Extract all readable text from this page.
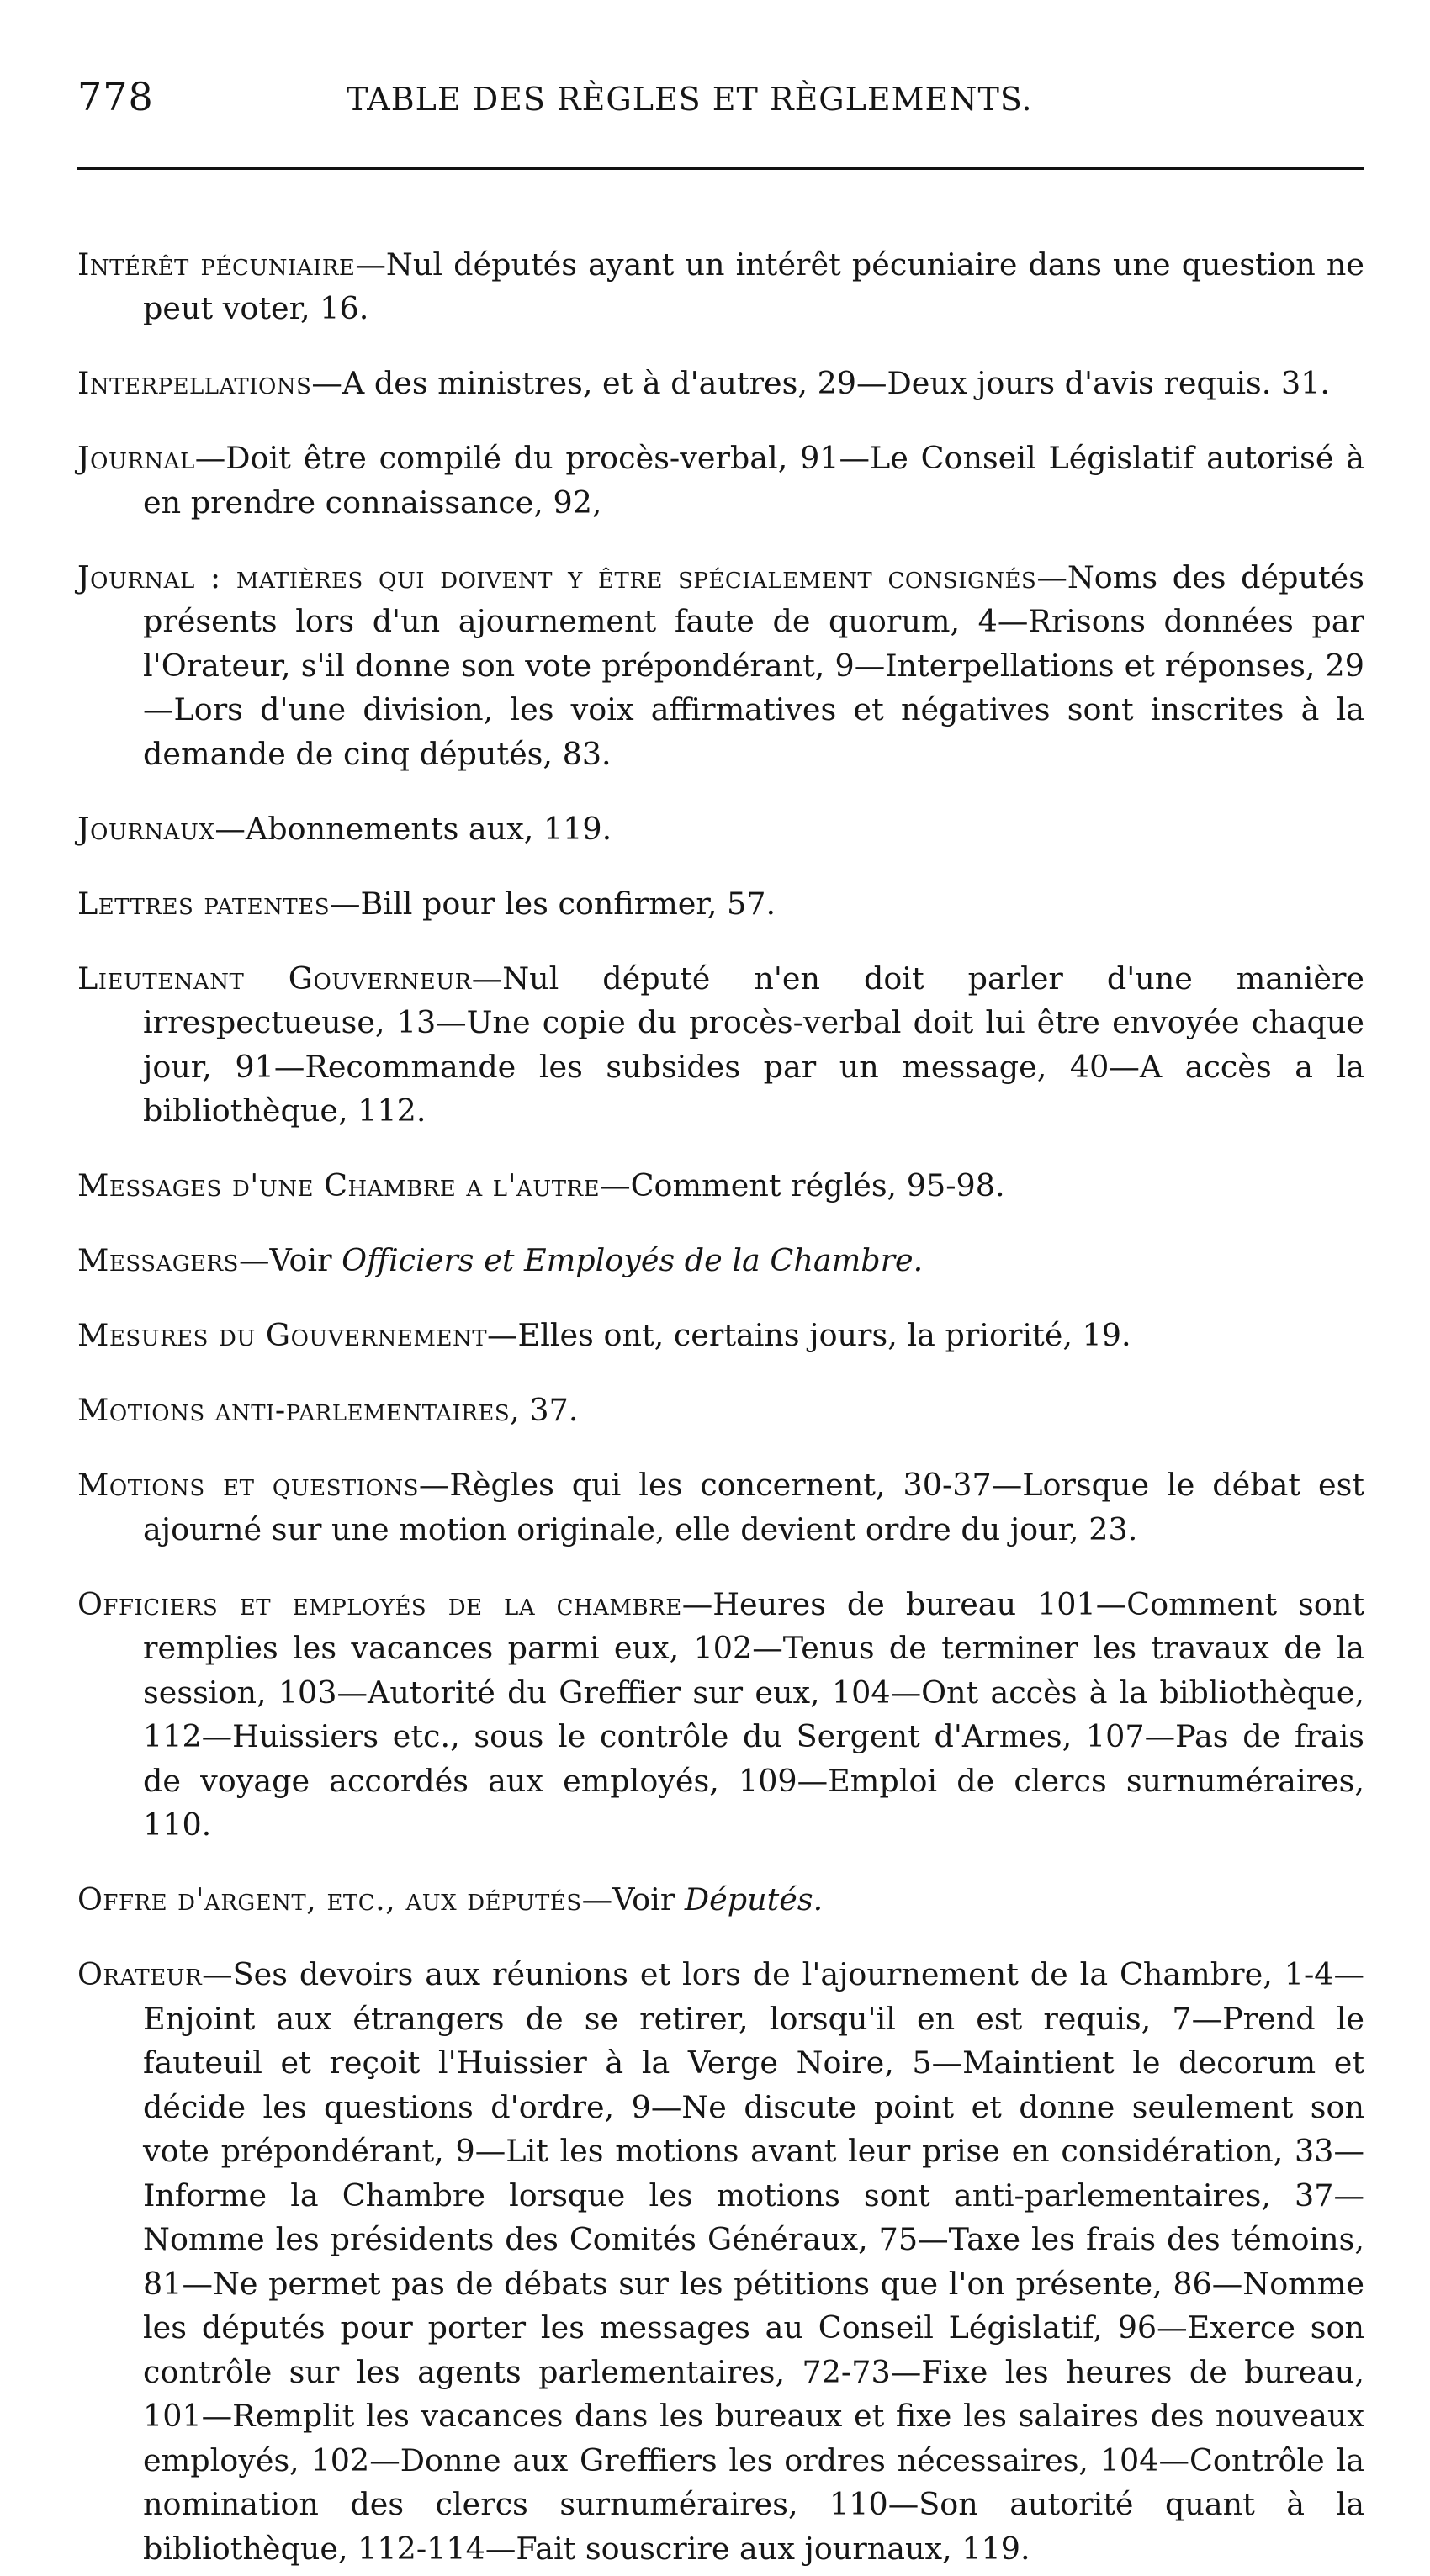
778	TABLE DES RÈGLES ET RÈGLEMENTS.

Intérêt pécuniaire—Nul députés ayant un intérêt pécuniaire dans une question ne peut voter, 16.

Interpellations—A des ministres, et à d'autres, 29—Deux jours d'avis requis. 31.

Journal—Doit être compilé du procès-verbal, 91—Le Conseil Législatif autorisé à en prendre connaissance, 92,

Journal : matières qui doivent y être spécialement consignés—Noms des députés présents lors d'un ajournement faute de quorum, 4—Rrisons données par l'Orateur, s'il donne son vote prépondérant, 9—Interpellations et réponses, 29—Lors d'une division, les voix affirmatives et négatives sont inscrites à la demande de cinq députés, 83.

Journaux—Abonnements aux, 119.

Lettres patentes—Bill pour les confirmer, 57.

Lieutenant Gouverneur—Nul député n'en doit parler d'une manière irrespectueuse, 13—Une copie du procès-verbal doit lui être envoyée chaque jour, 91—Recommande les subsides par un message, 40—A accès a la bibliothèque, 112.

Messages d'une Chambre a l'autre—Comment réglés, 95-98.

Messagers—Voir Officiers et Employés de la Chambre.

Mesures du Gouvernement—Elles ont, certains jours, la priorité, 19.

Motions anti-parlementaires, 37.

Motions et questions—Règles qui les concernent, 30-37—Lorsque le débat est ajourné sur une motion originale, elle devient ordre du jour, 23.

Officiers et employés de la chambre—Heures de bureau 101—Comment sont remplies les vacances parmi eux, 102—Tenus de terminer les travaux de la session, 103—Autorité du Greffier sur eux, 104—Ont accès à la bibliothèque, 112—Huissiers etc., sous le contrôle du Sergent d'Armes, 107—Pas de frais de voyage accordés aux employés, 109—Emploi de clercs surnuméraires, 110.

Offre d'argent, etc., aux députés—Voir Députés.

Orateur—Ses devoirs aux réunions et lors de l'ajournement de la Chambre, 1-4—Enjoint aux étrangers de se retirer, lorsqu'il en est requis, 7—Prend le fauteuil et reçoit l'Huissier à la Verge Noire, 5—Maintient le decorum et décide les questions d'ordre, 9—Ne discute point et donne seulement son vote prépondérant, 9—Lit les motions avant leur prise en considération, 33—Informe la Chambre lorsque les motions sont anti-parlementaires, 37—Nomme les présidents des Comités Généraux, 75—Taxe les frais des témoins, 81—Ne permet pas de débats sur les pétitions que l'on présente, 86—Nomme les députés pour porter les messages au Conseil Législatif, 96—Exerce son contrôle sur les agents parlementaires, 72-73—Fixe les heures de bureau, 101—Remplit les vacances dans les bureaux et fixe les salaires des nouveaux employés, 102—Donne aux Greffiers les ordres nécessaires, 104—Contrôle la nomination des clercs surnuméraires, 110—Son autorité quant à la bibliothèque, 112-114—Fait souscrire aux journaux, 119.
